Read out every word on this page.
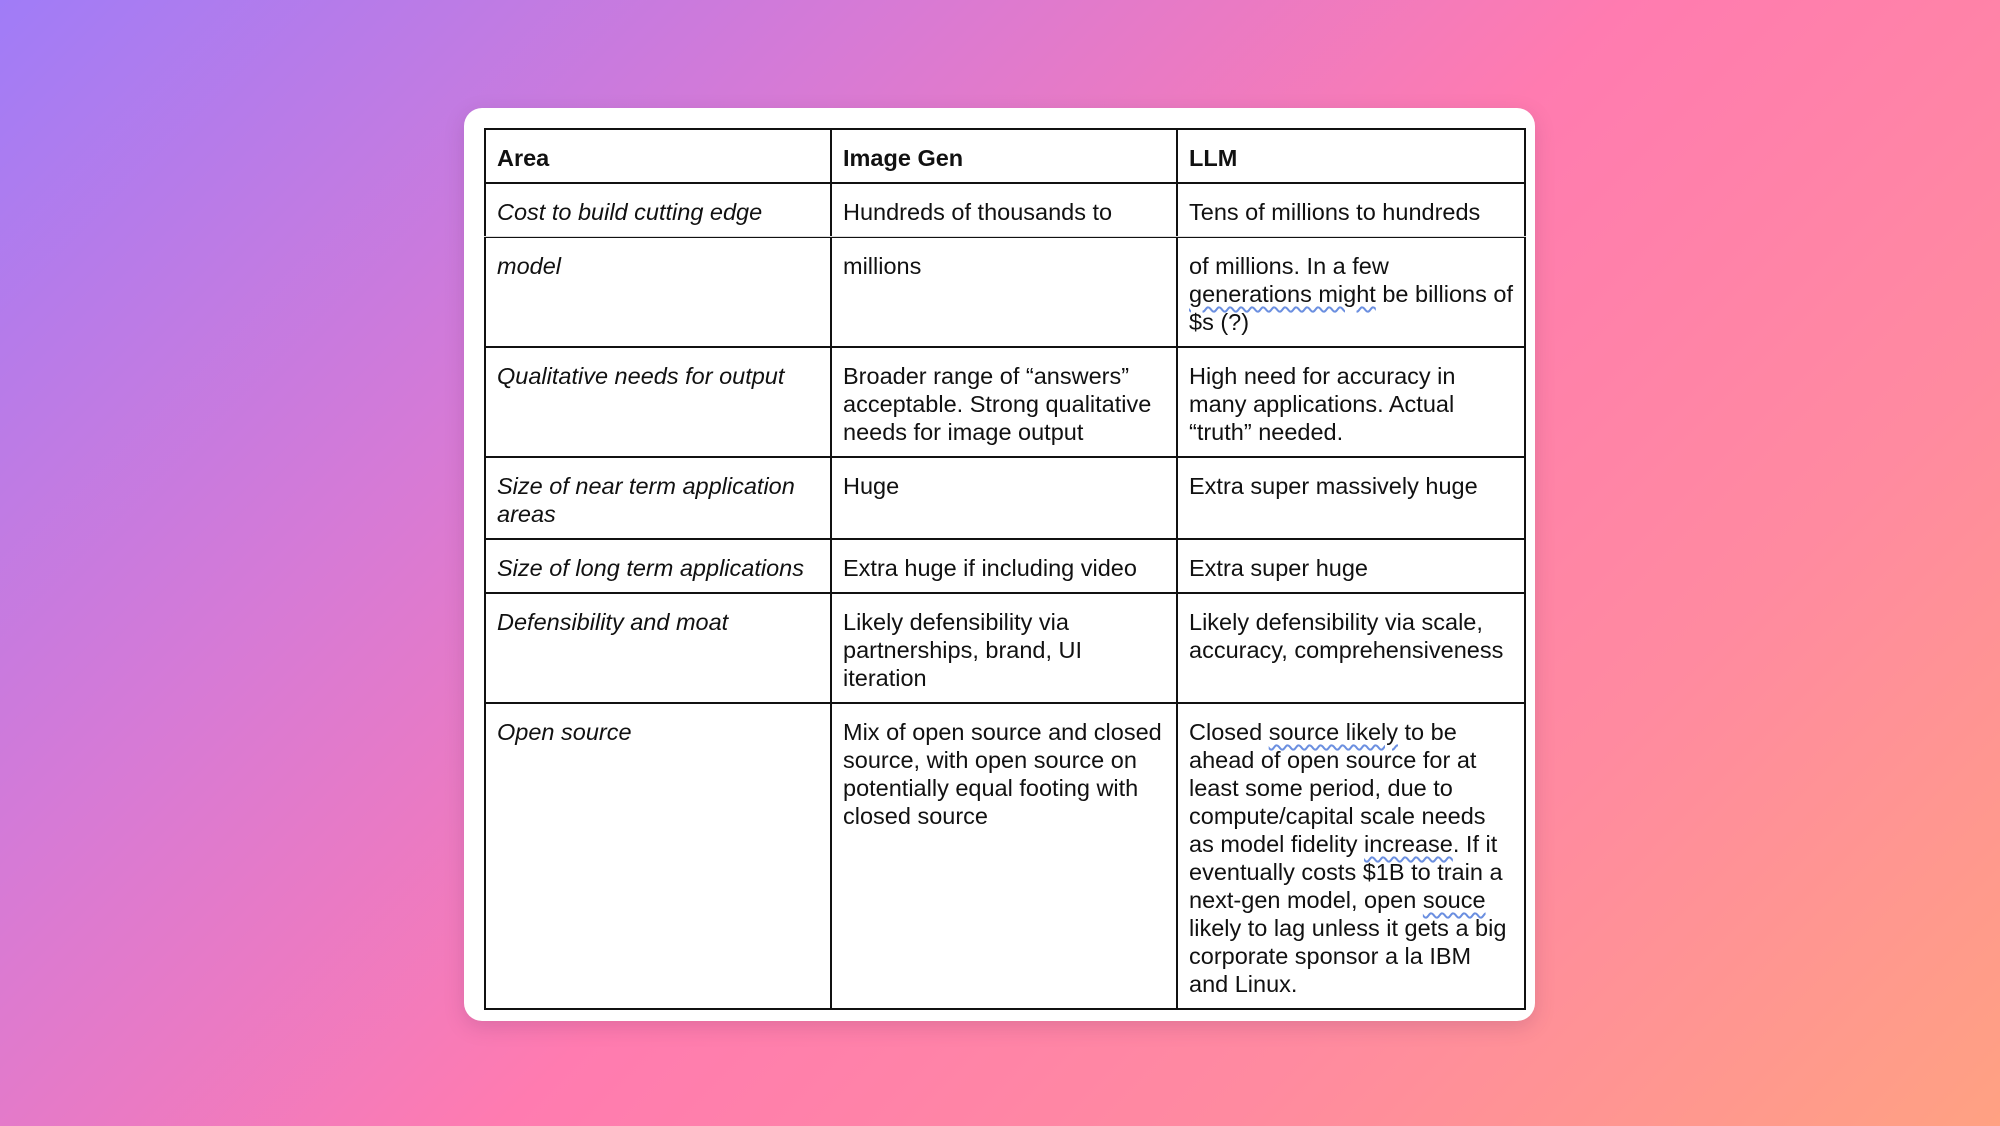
Area	Image Gen	LLM
Cost to build cutting edge	Hundreds of thousands to	Tens of millions to hundreds
model	millions	of millions. In a few generations might be billions of $s (?)
Qualitative needs for output	Broader range of “answers” acceptable. Strong qualitative needs for image output	High need for accuracy in many applications. Actual “truth” needed.
Size of near term application areas	Huge	Extra super massively huge
Size of long term applications	Extra huge if including video	Extra super huge
Defensibility and moat	Likely defensibility via partnerships, brand, UI iteration	Likely defensibility via scale, accuracy, comprehensiveness
Open source	Mix of open source and closed source, with open source on potentially equal footing with closed source	Closed source likely to be ahead of open source for at least some period, due to compute/capital scale needs as model fidelity increase. If it eventually costs $1B to train a next-gen model, open souce likely to lag unless it gets a big corporate sponsor a la IBM and Linux.
